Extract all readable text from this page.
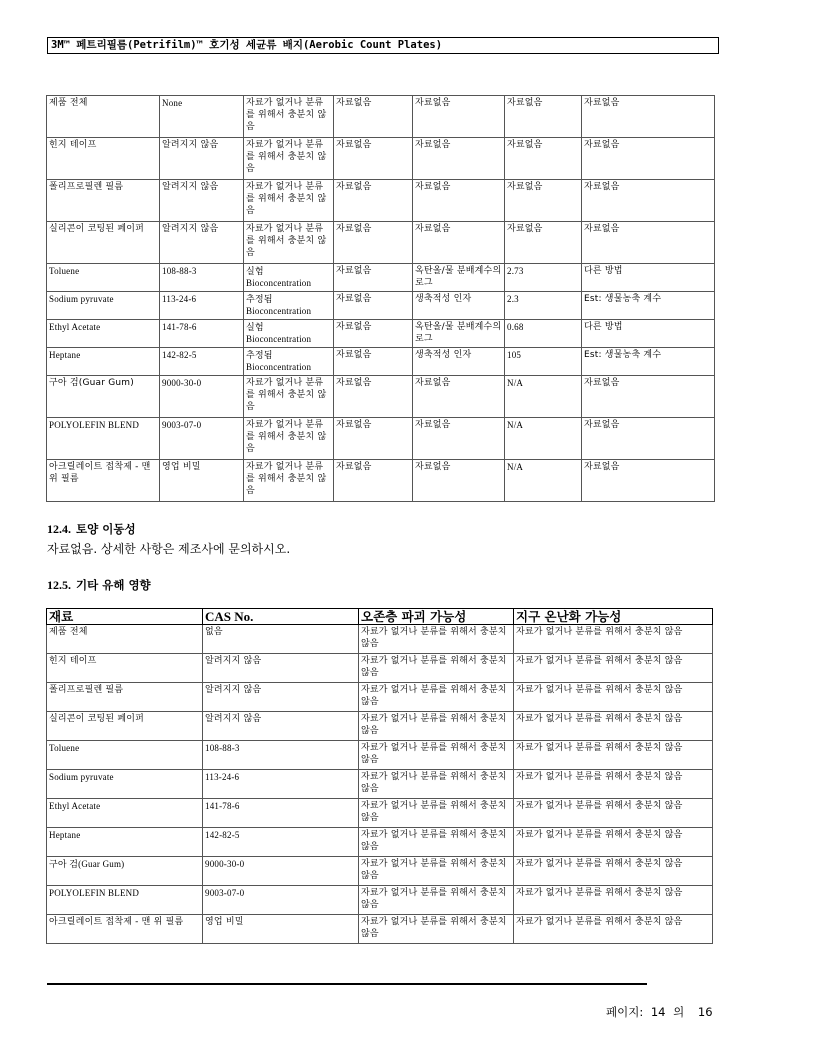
3M™ 페트리필름(Petrifilm)™ 호기성 세균류 배지(Aerobic Count Plates)
제품 전체	None	자료가 없거나 분류를 위해서 충분치 않음	자료없음	자료없음	자료없음	자료없음
힌지 테이프	알려지지 않음	자료가 없거나 분류를 위해서 충분치 않음	자료없음	자료없음	자료없음	자료없음
폴리프로필렌 필름	알려지지 않음	자료가 없거나 분류를 위해서 충분치 않음	자료없음	자료없음	자료없음	자료없음
실리콘이 코팅된 페이퍼	알려지지 않음	자료가 없거나 분류를 위해서 충분치 않음	자료없음	자료없음	자료없음	자료없음
Toluene	108-88-3	실험 Bioconcentration	자료없음	옥탄올/물 분배계수의 로그	2.73	다른 방법
Sodium pyruvate	113-24-6	추정됨 Bioconcentration	자료없음	생축적성 인자	2.3	Est: 생물농축 계수
Ethyl Acetate	141-78-6	실험 Bioconcentration	자료없음	옥탄올/물 분배계수의 로그	0.68	다른 방법
Heptane	142-82-5	추정됨 Bioconcentration	자료없음	생축적성 인자	105	Est: 생물농축 계수
구아 검(Guar Gum)	9000-30-0	자료가 없거나 분류를 위해서 충분치 않음	자료없음	자료없음	N/A	자료없음
POLYOLEFIN BLEND	9003-07-0	자료가 없거나 분류를 위해서 충분치 않음	자료없음	자료없음	N/A	자료없음
아크릴레이트 접착제 - 맨 위 필름	영업 비밀	자료가 없거나 분류를 위해서 충분치 않음	자료없음	자료없음	N/A	자료없음
12.4. 토양 이동성
자료없음. 상세한 사항은 제조사에 문의하시오.
12.5. 기타 유해 영향
재료	CAS No.	오존층 파괴 가능성	지구 온난화 가능성
제품 전체	없음	자료가 없거나 분류를 위해서 충분치 않음	자료가 없거나 분류를 위해서 충분치 않음
힌지 테이프	알려지지 않음	자료가 없거나 분류를 위해서 충분치 않음	자료가 없거나 분류를 위해서 충분치 않음
폴리프로필렌 필름	알려지지 않음	자료가 없거나 분류를 위해서 충분치 않음	자료가 없거나 분류를 위해서 충분치 않음
실리콘이 코팅된 페이퍼	알려지지 않음	자료가 없거나 분류를 위해서 충분치 않음	자료가 없거나 분류를 위해서 충분치 않음
Toluene	108-88-3	자료가 없거나 분류를 위해서 충분치 않음	자료가 없거나 분류를 위해서 충분치 않음
Sodium pyruvate	113-24-6	자료가 없거나 분류를 위해서 충분치 않음	자료가 없거나 분류를 위해서 충분치 않음
Ethyl Acetate	141-78-6	자료가 없거나 분류를 위해서 충분치 않음	자료가 없거나 분류를 위해서 충분치 않음
Heptane	142-82-5	자료가 없거나 분류를 위해서 충분치 않음	자료가 없거나 분류를 위해서 충분치 않음
구아 검(Guar Gum)	9000-30-0	자료가 없거나 분류를 위해서 충분치 않음	자료가 없거나 분류를 위해서 충분치 않음
POLYOLEFIN BLEND	9003-07-0	자료가 없거나 분류를 위해서 충분치 않음	자료가 없거나 분류를 위해서 충분치 않음
아크릴레이트 접착제 - 맨 위 필름	영업 비밀	자료가 없거나 분류를 위해서 충분치 않음	자료가 없거나 분류를 위해서 충분치 않음
페이지: 14 의 16
